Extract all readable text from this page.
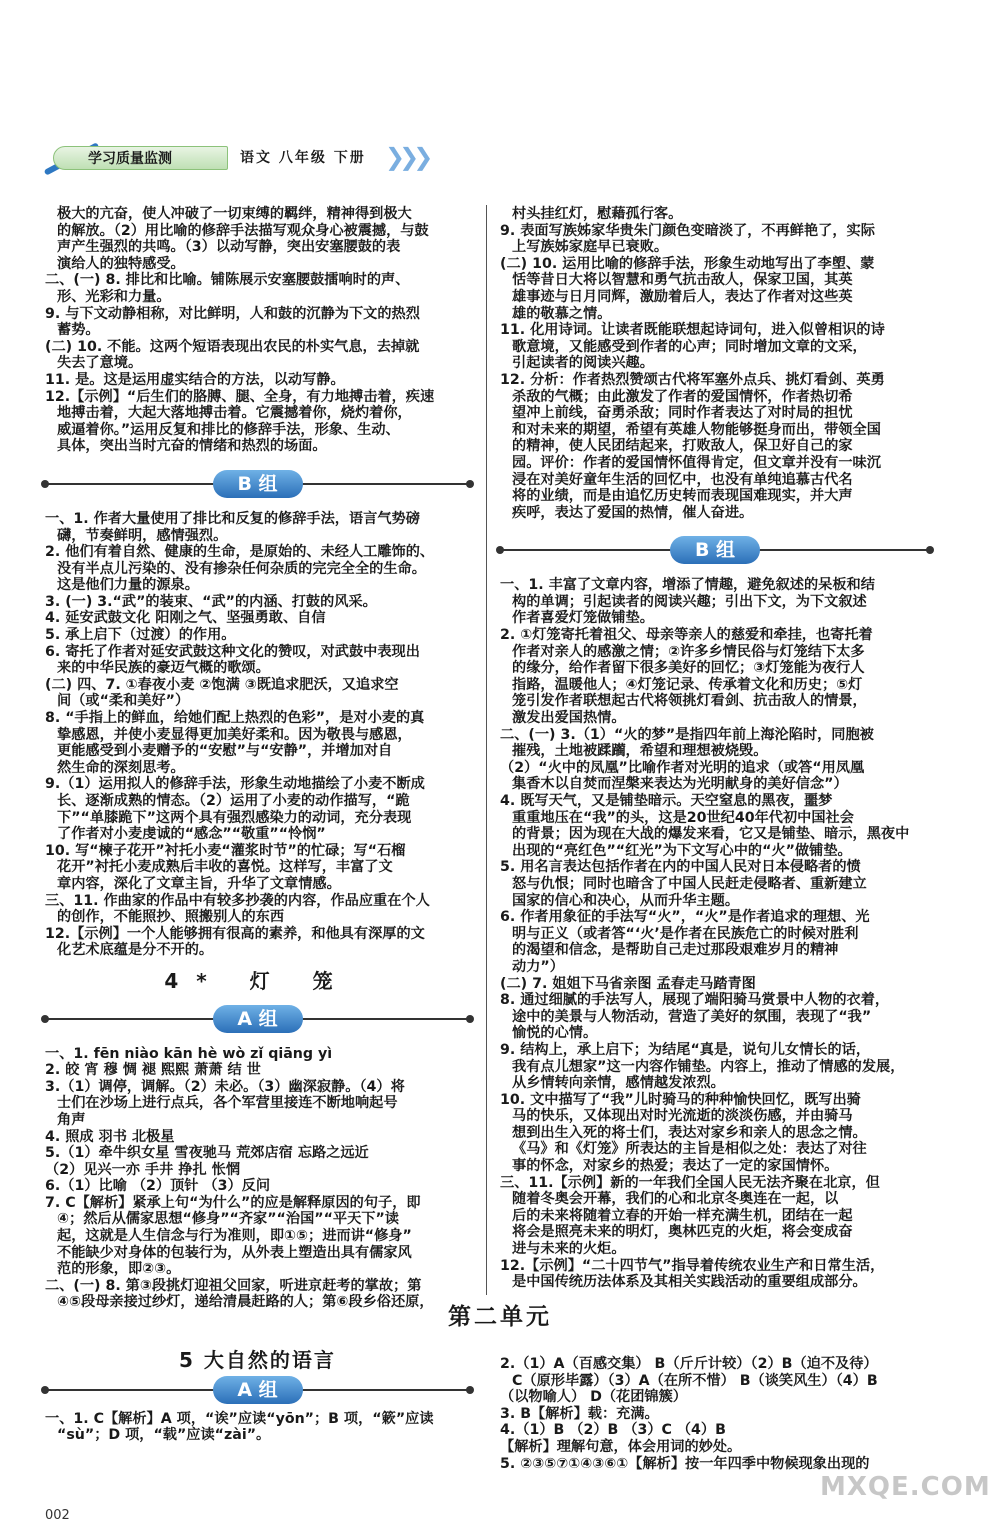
学习质量监测	语文 八年级 下册 ❯❯❯

极大的亢奋，使人冲破了一切束缚的羁绊，精神得到极大

的解放。（2）用比喻的修辞手法描写观众身心被震撼，与鼓

声产生强烈的共鸣。（3）以动写静，突出安塞腰鼓的表

演给人的独特感受。

二、(一) 8. 排比和比喻。铺陈展示安塞腰鼓擂响时的声、

形、光彩和力量。

9. 与下文动静相称，对比鲜明，人和鼓的沉静为下文的热烈

蓄势。

(二) 10. 不能。这两个短语表现出农民的朴实气息，去掉就

失去了意境。

11. 是。这是运用虚实结合的方法，以动写静。

12.【示例】“后生们的胳膊、腿、全身，有力地搏击着，疾速

地搏击着，大起大落地搏击着。它震撼着你，烧灼着你，

威逼着你。”运用反复和排比的修辞手法，形象、生动、

具体，突出当时亢奋的情绪和热烈的场面。

B 组

一、1. 作者大量使用了排比和反复的修辞手法，语言气势磅

礴，节奏鲜明，感情强烈。

2. 他们有着自然、健康的生命，是原始的、未经人工雕饰的、

没有半点儿污染的、没有掺杂任何杂质的完完全全的生命。

这是他们力量的源泉。

3. (一) 3.“武”的装束、“武”的内涵、打鼓的风采。

4. 延安武鼓文化 阳刚之气、坚强勇敢、自信

5. 承上启下（过渡）的作用。

6. 寄托了作者对延安武鼓这种文化的赞叹，对武鼓中表现出

来的中华民族的豪迈气概的歌颂。

(二) 四、7. ①春夜小麦 ②饱满 ③既追求肥沃，又追求空

间（或“柔和美好”）

8. “手指上的鲜血，给她们配上热烈的色彩”，是对小麦的真

挚感恩，并使小麦显得更加美好柔和。因为敬畏与感恩，

更能感受到小麦赠予的“安慰”与“安静”，并增加对自

然生命的深刻思考。

9.（1）运用拟人的修辞手法，形象生动地描绘了小麦不断成

长、逐渐成熟的情态。（2）运用了小麦的动作描写，“跪

下”“单膝跪下”这两个具有强烈感染力的动词，充分表现

了作者对小麦虔诚的“感念”“敬重”“怜悯”

10. 写“楝子花开”衬托小麦“灌浆时节”的忙碌；写“石榴

花开”衬托小麦成熟后丰收的喜悦。这样写，丰富了文

章内容，深化了文章主旨，升华了文章情感。

三、11. 作曲家的作品中有较多抄袭的内容，作品应重在个人

的创作，不能照抄、照搬别人的东西

12.【示例】一个人能够拥有很高的素养，和他具有深厚的文

化艺术底蕴是分不开的。

4* 灯 笼
A 组

一、1. fēn niào kān hè wò zǐ qiāng yì

2. 皎 宵 穆 惆 褪 熙熙 萧萧 结 世

3.（1）调停，调解。（2）未必。（3）幽深寂静。（4）将

士们在沙场上进行点兵，各个军营里接连不断地响起号

角声

4. 照成 羽书 北极星

5.（1）牵牛织女星 雪夜驰马 荒郊店宿 忘路之远近

（2）见兴一亦 手井 挣扎 怅惘

6.（1）比喻 （2）顶针 （3）反问

7. C【解析】紧承上句“为什么”的应是解释原因的句子，即

④；然后从儒家思想“修身”“齐家”“治国”“平天下”读

起，这就是人生信念与行为准则，即①⑤；进而讲“修身”

不能缺少对身体的包装行为，从外表上塑造出具有儒家风

范的形象，即②③。

二、(一) 8. 第③段挑灯迎祖父回家，听进京赶考的掌故；第

④⑤段母亲接过纱灯，递给清晨赶路的人；第⑥段乡俗还原，

村头挂红灯，慰藉孤行客。

9. 表面写族姊家华贵朱门颜色变暗淡了，不再鲜艳了，实际

上写族姊家庭早已衰败。

(二) 10. 运用比喻的修辞手法，形象生动地写出了李塱、蒙

恬等昔日大将以智慧和勇气抗击敌人，保家卫国，其英

雄事迹与日月同辉，激励着后人，表达了作者对这些英

雄的敬慕之情。

11. 化用诗词。让读者既能联想起诗词句，进入似曾相识的诗

歌意境，又能感受到作者的心声；同时增加文章的文采，

引起读者的阅读兴趣。

12. 分析：作者热烈赞颂古代将军塞外点兵、挑灯看剑、英勇

杀敌的气概；由此激发了作者的爱国情怀，作者热切希

望冲上前线，奋勇杀敌；同时作者表达了对时局的担忧

和对未来的期望，希望有英雄人物能够挺身而出，带领全国

的精神，使人民团结起来，打败敌人，保卫好自己的家

园。评价：作者的爱国情怀值得肯定，但文章并没有一味沉

浸在对美好童年生活的回忆中，也没有单纯追慕古代名

将的业绩，而是由追忆历史转而表现国难现实，并大声

疾呼，表达了爱国的热情，催人奋进。

B 组

一、1. 丰富了文章内容，增添了情趣，避免叙述的呆板和结

构的单调；引起读者的阅读兴趣；引出下文，为下文叙述

作者喜爱灯笼做铺垫。

2. ①灯笼寄托着祖父、母亲等亲人的慈爱和牵挂，也寄托着

作者对亲人的感激之情；②许多乡情民俗与灯笼结下太多

的缘分，给作者留下很多美好的回忆；③灯笼能为夜行人

指路，温暖他人；④灯笼记录、传承着文化和历史；⑤灯

笼引发作者联想起古代将领挑灯看剑、抗击敌人的情景，

激发出爱国热情。

二、(一) 3.（1）“火的梦”是指四年前上海沦陷时，同胞被

摧残，土地被蹂躏，希望和理想被烧毁。

（2）“火中的凤凰”比喻作者对光明的追求（或答“用凤凰

集香木以自焚而涅槃来表达为光明献身的美好信念”）

4. 既写天气，又是铺垫暗示。天空窒息的黑夜，噩梦

重重地压在“我”的头，这是20世纪40年代初中国社会

的背景；因为现在大战的爆发来看，它又是铺垫、暗示，黑夜中

出现的“亮红色”“红光”为下文写心中的“火”做铺垫。

5. 用名言表达包括作者在内的中国人民对日本侵略者的愤

怒与仇恨；同时也暗含了中国人民赶走侵略者、重新建立

国家的信心和决心，从而升华主题。

6. 作者用象征的手法写“火”，“火”是作者追求的理想、光

明与正义（或者答“‘火’是作者在民族危亡的时候对胜利

的渴望和信念，是帮助自己走过那段艰难岁月的精神

动力”）

(二) 7. 姐姐下马省亲图 孟春走马踏青图

8. 通过细腻的手法写人，展现了端阳骑马赏景中人物的衣着，

途中的美景与人物活动，营造了美好的氛围，表现了“我”

愉悦的心情。

9. 结构上，承上启下；为结尾“真是，说句儿女情长的话，

我有点儿想家”这一内容作铺垫。内容上，推动了情感的发展，

从乡情转向亲情，感情越发浓烈。

10. 文中描写了“我”儿时骑马的种种愉快回忆，既写出骑

马的快乐，又体现出对时光流逝的淡淡伤感，并由骑马

想到出生入死的将士们，表达对家乡和亲人的思念之情。

《马》和《灯笼》所表达的主旨是相似之处：表达了对往

事的怀念，对家乡的热爱；表达了一定的家国情怀。

三、11.【示例】新的一年我们全国人民无法齐聚在北京，但

随着冬奥会开幕，我们的心和北京冬奥连在一起，以

后的未来将随着立春的开始一样充满生机，团结在一起

将会是照亮未来的明灯，奥林匹克的火炬，将会变成奋

进与未来的火炬。

12.【示例】“二十四节气”指导着传统农业生产和日常生活，

是中国传统历法体系及其相关实践活动的重要组成部分。

第二单元
5 大自然的语言
A 组

一、1. C【解析】A 项，“诶”应读“yōn”；B 项，“簌”应读

“sù”；D 项，“载”应读“zài”。

2.（1）A（百感交集） B（斤斤计较）（2）B（迫不及待）

C（原形毕露）（3）A（在所不惜） B（谈笑风生）（4）B

（以物喻人） D（花团锦簇）

3. B【解析】载：充满。

4.（1）B （2）B （3）C （4）B

【解析】理解句意，体会用词的妙处。

5. ②③⑤⑦①④③⑥①【解析】按一年四季中物候现象出现的

002
MXQE.COM
